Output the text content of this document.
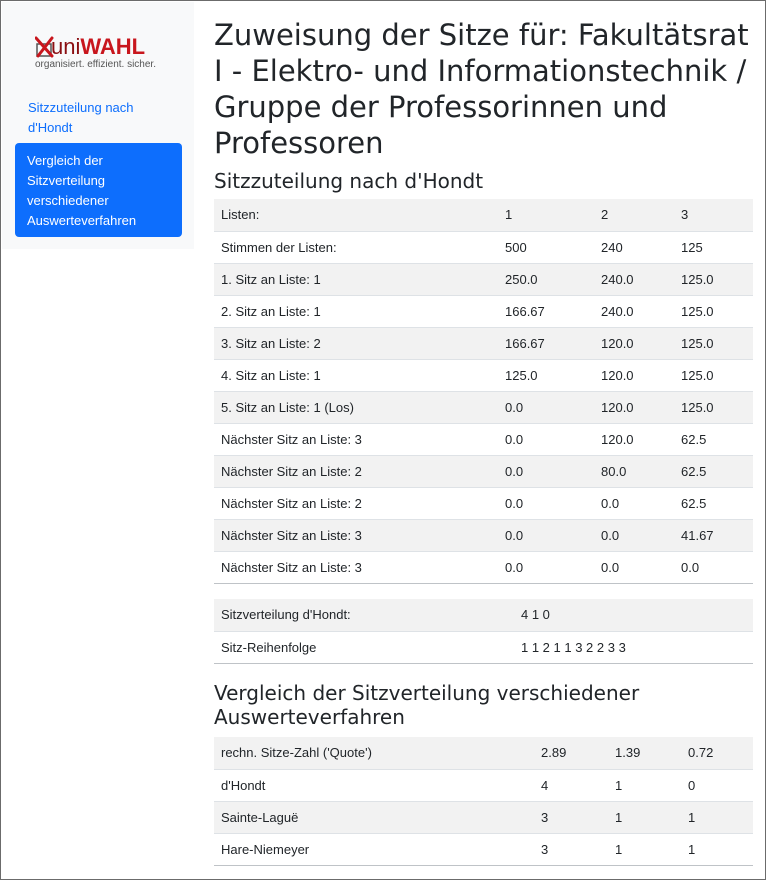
uniWAHL
organisiert. effizient. sicher.
Sitzzuteilung nach d'Hondt
Vergleich der Sitzverteilung verschiedener Auswerteverfahren
Zuweisung der Sitze für: Fakultätsrat I - Elektro- und Informationstechnik / Gruppe der Professorinnen und Professoren
Sitzzuteilung nach d'Hondt
Listen:	1	2	3
Stimmen der Listen:	500	240	125
1. Sitz an Liste: 1	250.0	240.0	125.0
2. Sitz an Liste: 1	166.67	240.0	125.0
3. Sitz an Liste: 2	166.67	120.0	125.0
4. Sitz an Liste: 1	125.0	120.0	125.0
5. Sitz an Liste: 1 (Los)	0.0	120.0	125.0
Nächster Sitz an Liste: 3	0.0	120.0	62.5
Nächster Sitz an Liste: 2	0.0	80.0	62.5
Nächster Sitz an Liste: 2	0.0	0.0	62.5
Nächster Sitz an Liste: 3	0.0	0.0	41.67
Nächster Sitz an Liste: 3	0.0	0.0	0.0
Sitzverteilung d'Hondt:	4 1 0
Sitz-Reihenfolge	1 1 2 1 1 3 2 2 3 3
Vergleich der Sitzverteilung verschiedener Auswerteverfahren
rechn. Sitze-Zahl ('Quote')	2.89	1.39	0.72
d'Hondt	4	1	0
Sainte-Laguë	3	1	1
Hare-Niemeyer	3	1	1
